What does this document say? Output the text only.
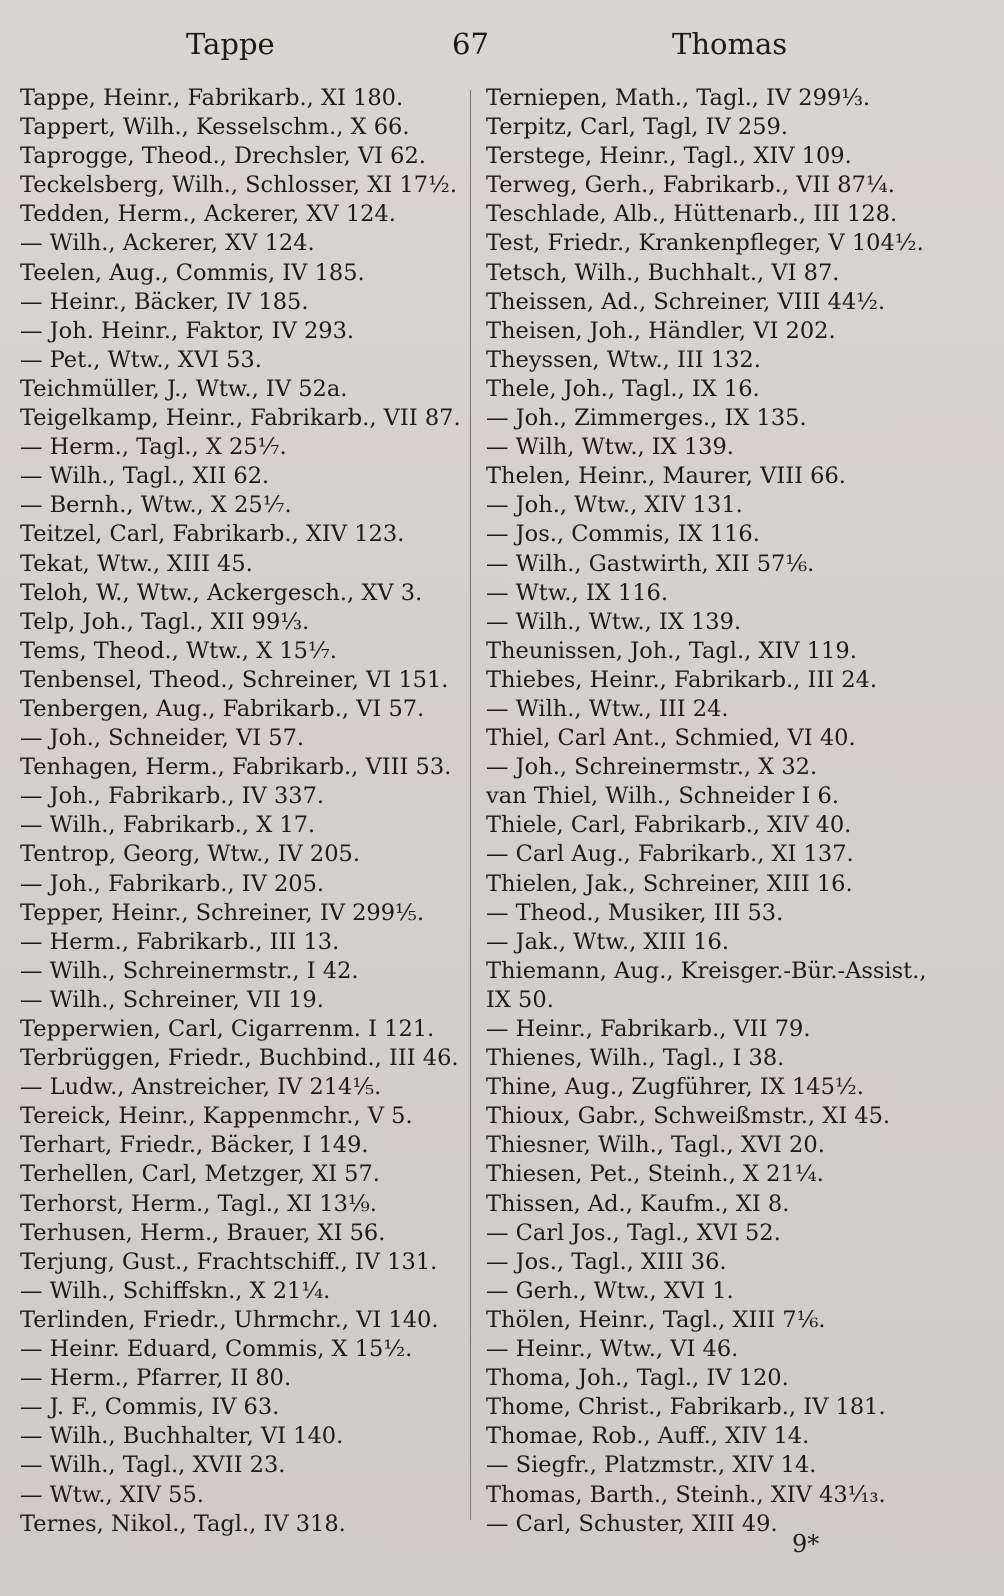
Tappe	67	Thomas
Tappe, Heinr., Fabrikarb., XI 180.
Tappert, Wilh., Kesselschm., X 66.
Taprogge, Theod., Drechsler, VI 62.
Teckelsberg, Wilh., Schlosser, XI 17½.
Tedden, Herm., Ackerer, XV 124.
— Wilh., Ackerer, XV 124.
Teelen, Aug., Commis, IV 185.
— Heinr., Bäcker, IV 185.
— Joh. Heinr., Faktor, IV 293.
— Pet., Wtw., XVI 53.
Teichmüller, J., Wtw., IV 52a.
Teigelkamp, Heinr., Fabrikarb., VII 87.
— Herm., Tagl., X 25⅐.
— Wilh., Tagl., XII 62.
— Bernh., Wtw., X 25⅐.
Teitzel, Carl, Fabrikarb., XIV 123.
Tekat, Wtw., XIII 45.
Teloh, W., Wtw., Ackergesch., XV 3.
Telp, Joh., Tagl., XII 99⅓.
Tems, Theod., Wtw., X 15⅐.
Tenbensel, Theod., Schreiner, VI 151.
Tenbergen, Aug., Fabrikarb., VI 57.
— Joh., Schneider, VI 57.
Tenhagen, Herm., Fabrikarb., VIII 53.
— Joh., Fabrikarb., IV 337.
— Wilh., Fabrikarb., X 17.
Tentrop, Georg, Wtw., IV 205.
— Joh., Fabrikarb., IV 205.
Tepper, Heinr., Schreiner, IV 299⅕.
— Herm., Fabrikarb., III 13.
— Wilh., Schreinermstr., I 42.
— Wilh., Schreiner, VII 19.
Tepperwien, Carl, Cigarrenm. I 121.
Terbrüggen, Friedr., Buchbind., III 46.
— Ludw., Anstreicher, IV 214⅕.
Tereick, Heinr., Kappenmchr., V 5.
Terhart, Friedr., Bäcker, I 149.
Terhellen, Carl, Metzger, XI 57.
Terhorst, Herm., Tagl., XI 13⅑.
Terhusen, Herm., Brauer, XI 56.
Terjung, Gust., Frachtschiff., IV 131.
— Wilh., Schiffskn., X 21¼.
Terlinden, Friedr., Uhrmchr., VI 140.
— Heinr. Eduard, Commis, X 15½.
— Herm., Pfarrer, II 80.
— J. F., Commis, IV 63.
— Wilh., Buchhalter, VI 140.
— Wilh., Tagl., XVII 23.
— Wtw., XIV 55.
Ternes, Nikol., Tagl., IV 318.
Terniepen, Math., Tagl., IV 299⅓.
Terpitz, Carl, Tagl, IV 259.
Terstege, Heinr., Tagl., XIV 109.
Terweg, Gerh., Fabrikarb., VII 87¼.
Teschlade, Alb., Hüttenarb., III 128.
Test, Friedr., Krankenpfleger, V 104½.
Tetsch, Wilh., Buchhalt., VI 87.
Theissen, Ad., Schreiner, VIII 44½.
Theisen, Joh., Händler, VI 202.
Theyssen, Wtw., III 132.
Thele, Joh., Tagl., IX 16.
— Joh., Zimmerges., IX 135.
— Wilh, Wtw., IX 139.
Thelen, Heinr., Maurer, VIII 66.
— Joh., Wtw., XIV 131.
— Jos., Commis, IX 116.
— Wilh., Gastwirth, XII 57⅙.
— Wtw., IX 116.
— Wilh., Wtw., IX 139.
Theunissen, Joh., Tagl., XIV 119.
Thiebes, Heinr., Fabrikarb., III 24.
— Wilh., Wtw., III 24.
Thiel, Carl Ant., Schmied, VI 40.
— Joh., Schreinermstr., X 32.
van Thiel, Wilh., Schneider I 6.
Thiele, Carl, Fabrikarb., XIV 40.
— Carl Aug., Fabrikarb., XI 137.
Thielen, Jak., Schreiner, XIII 16.
— Theod., Musiker, III 53.
— Jak., Wtw., XIII 16.
Thiemann, Aug., Kreisger.-Bür.-Assist.,
IX 50.
— Heinr., Fabrikarb., VII 79.
Thienes, Wilh., Tagl., I 38.
Thine, Aug., Zugführer, IX 145½.
Thioux, Gabr., Schweißmstr., XI 45.
Thiesner, Wilh., Tagl., XVI 20.
Thiesen, Pet., Steinh., X 21¼.
Thissen, Ad., Kaufm., XI 8.
— Carl Jos., Tagl., XVI 52.
— Jos., Tagl., XIII 36.
— Gerh., Wtw., XVI 1.
Thölen, Heinr., Tagl., XIII 7⅙.
— Heinr., Wtw., VI 46.
Thoma, Joh., Tagl., IV 120.
Thome, Christ., Fabrikarb., IV 181.
Thomae, Rob., Auff., XIV 14.
— Siegfr., Platzmstr., XIV 14.
Thomas, Barth., Steinh., XIV 43¹⁄₁₃.
— Carl, Schuster, XIII 49.
9*
